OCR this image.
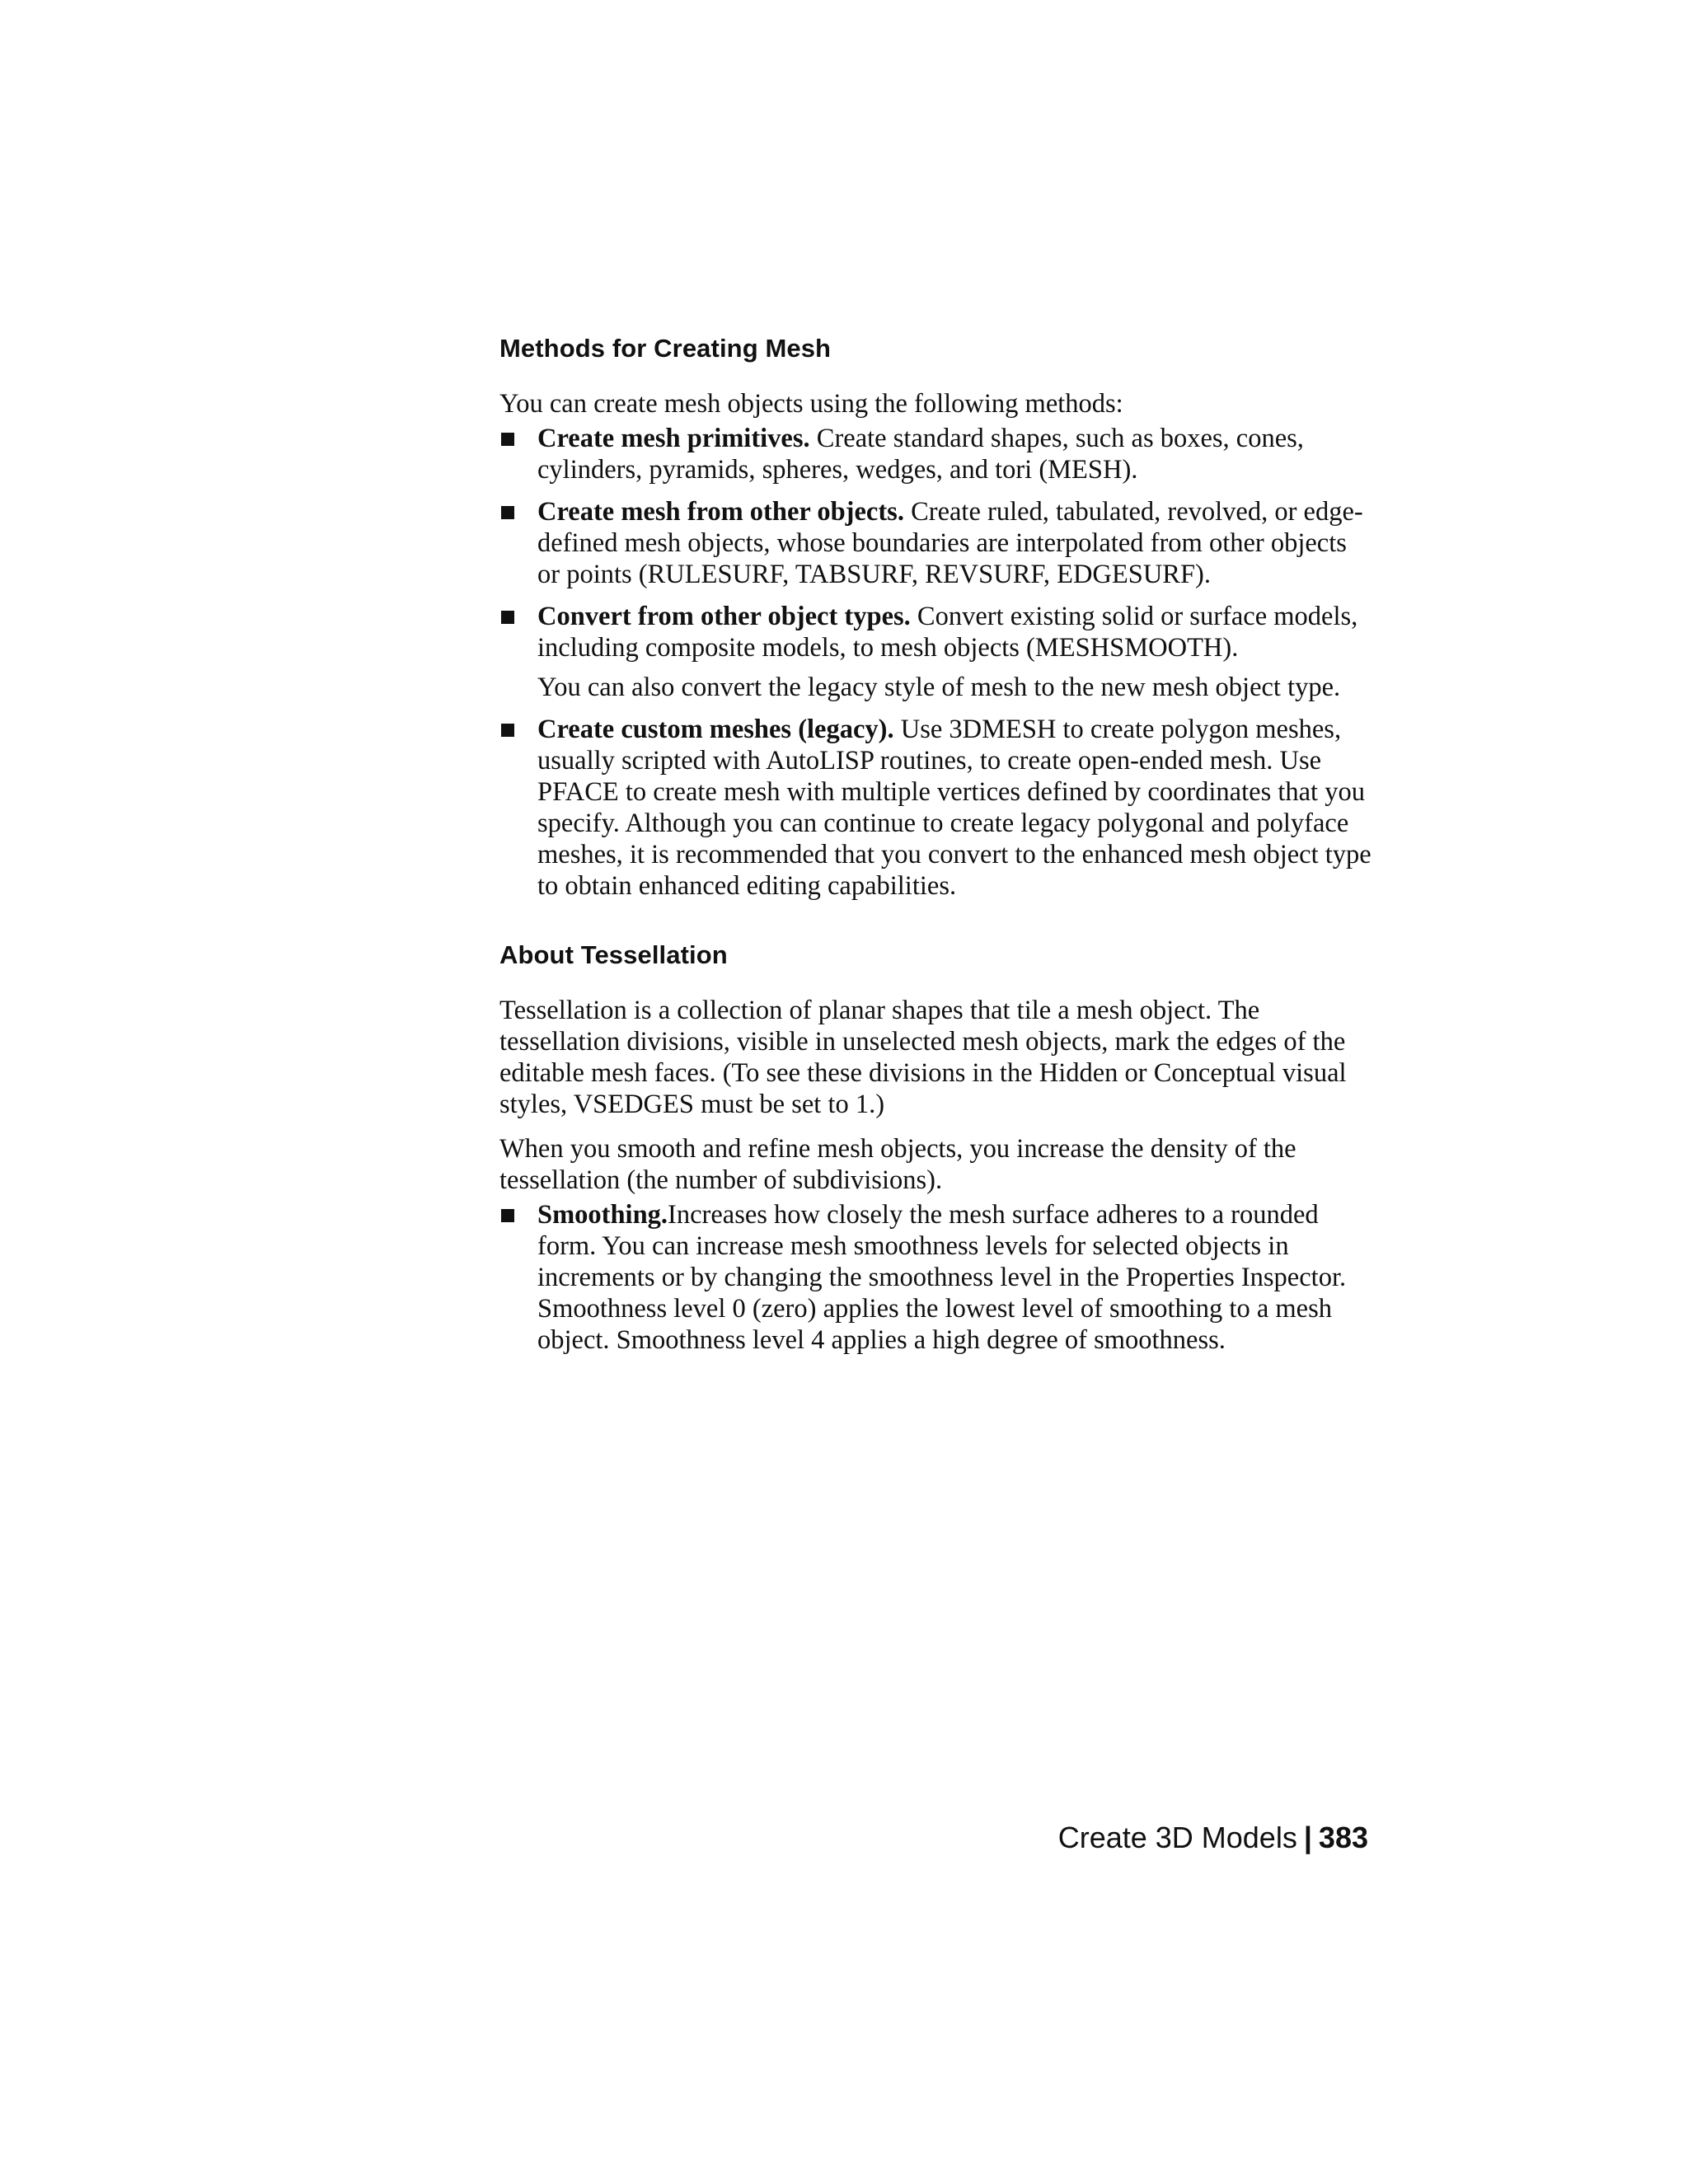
Methods for Creating Mesh

You can create mesh objects using the following methods:

Create mesh primitives. Create standard shapes, such as boxes, cones, cylinders, pyramids, spheres, wedges, and tori (MESH).
Create mesh from other objects. Create ruled, tabulated, revolved, or edge-defined mesh objects, whose boundaries are interpolated from other objects or points (RULESURF, TABSURF, REVSURF, EDGESURF).
Convert from other object types. Convert existing solid or surface models, including composite models, to mesh objects (MESHSMOOTH).
You can also convert the legacy style of mesh to the new mesh object type.
Create custom meshes (legacy). Use 3DMESH to create polygon meshes, usually scripted with AutoLISP routines, to create open-ended mesh. Use PFACE to create mesh with multiple vertices defined by coordinates that you specify. Although you can continue to create legacy polygonal and polyface meshes, it is recommended that you convert to the enhanced mesh object type to obtain enhanced editing capabilities.
About Tessellation

Tessellation is a collection of planar shapes that tile a mesh object. The tessellation divisions, visible in unselected mesh objects, mark the edges of the editable mesh faces. (To see these divisions in the Hidden or Conceptual visual styles, VSEDGES must be set to 1.)

When you smooth and refine mesh objects, you increase the density of the tessellation (the number of subdivisions).

Smoothing.Increases how closely the mesh surface adheres to a rounded form. You can increase mesh smoothness levels for selected objects in increments or by changing the smoothness level in the Properties Inspector. Smoothness level 0 (zero) applies the lowest level of smoothing to a mesh object. Smoothness level 4 applies a high degree of smoothness.
Create 3D Models | 383
